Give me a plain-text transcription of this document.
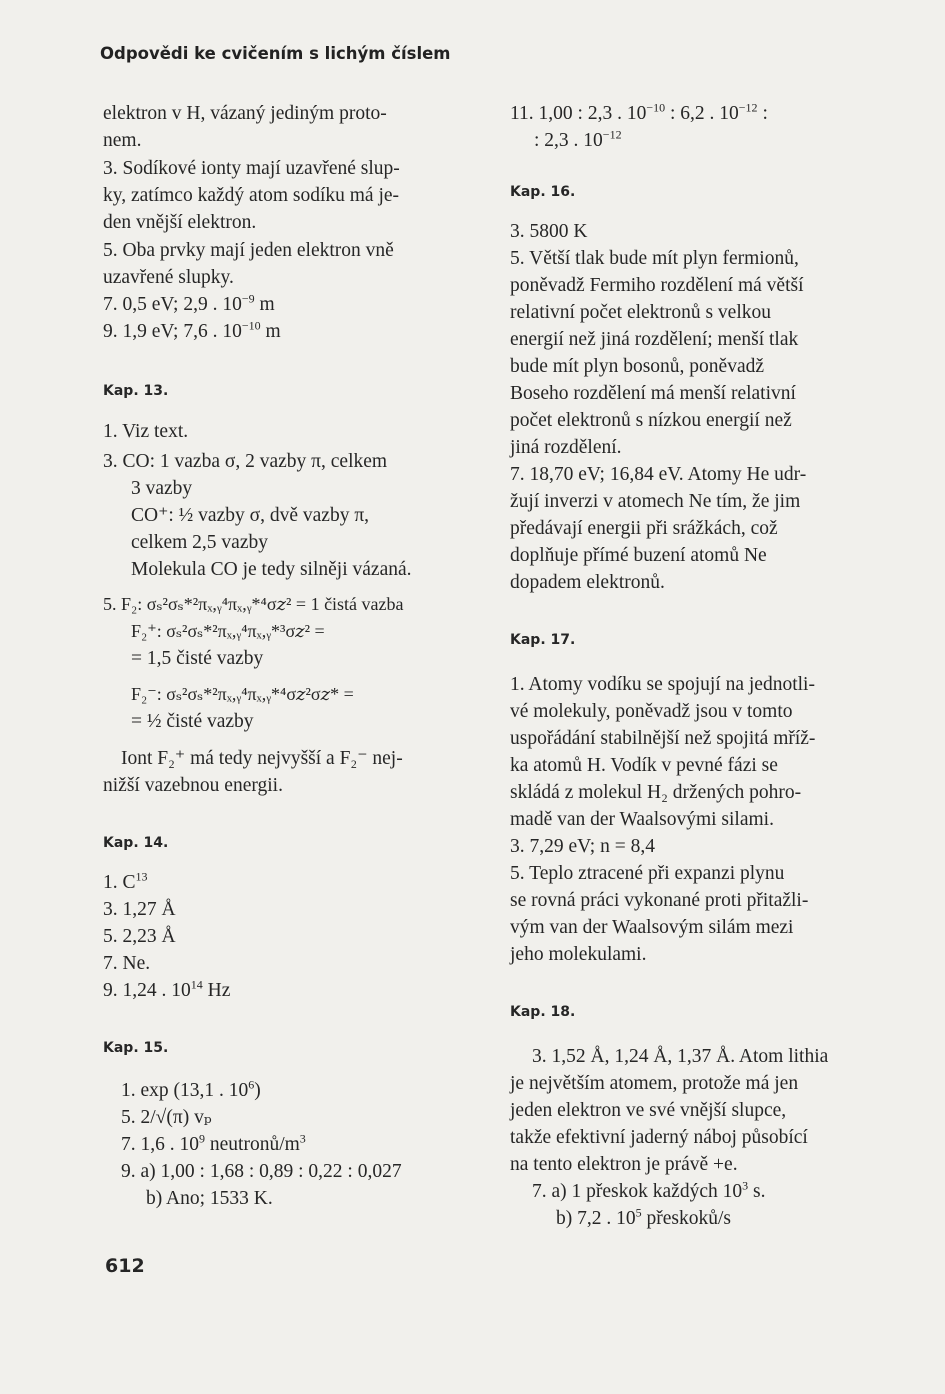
Odpovědi ke cvičením s lichým číslem

elektron v H, vázaný jediným proto-

nem.

3. Sodíkové ionty mají uzavřené slup-

ky, zatímco každý atom sodíku má je-

den vnější elektron.

5. Oba prvky mají jeden elektron vně

uzavřené slupky.

7. 0,5 eV; 2,9 . $10^{-9}$ m

9. 1,9 eV; 7,6 . $10^{-10}$ m

Kap. 13.

1. Viz text.

3. CO: 1 vazba σ, 2 vazby π, celkem

3 vazby

CO⁺: ½ vazby σ, dvě vazby π,

celkem 2,5 vazby

Molekula CO je tedy silněji vázaná.

5. F₂: σₛ²σₛ*²πₓ,ᵧ⁴πₓ,ᵧ*⁴σ𝑧² = 1 čistá vazba

F₂⁺: σₛ²σₛ*²πₓ,ᵧ⁴πₓ,ᵧ*³σ𝑧² =

= 1,5 čisté vazby

F₂⁻: σₛ²σₛ*²πₓ,ᵧ⁴πₓ,ᵧ*⁴σ𝑧²σ𝑧* =

= ½ čisté vazby

Iont F₂⁺ má tedy nejvyšší a F₂⁻ nej-

nižší vazebnou energii.

Kap. 14.

1. $C^{13}$

3. 1,27 Å

5. 2,23 Å

7. Ne.

9. 1,24 . $10^{14}$ Hz

Kap. 15.

1. exp (13,1 . $10^6$)

5. 2/√(π) vₚ

7. 1,6 . $10^9$ neutronů/$m^3$

9. a) 1,00 : 1,68 : 0,89 : 0,22 : 0,027

b) Ano; 1533 K.

11. 1,00 : 2,3 . $10^{-10}$ : 6,2 . $10^{-12}$ :

: 2,3 . $10^{-12}$

Kap. 16.

3. 5800 K

5. Větší tlak bude mít plyn fermionů,

poněvadž Fermiho rozdělení má větší

relativní počet elektronů s velkou

energií než jiná rozdělení; menší tlak

bude mít plyn bosonů, poněvadž

Boseho rozdělení má menší relativní

počet elektronů s nízkou energií než

jiná rozdělení.

7. 18,70 eV; 16,84 eV. Atomy He udr-

žují inverzi v atomech Ne tím, že jim

předávají energii při srážkách, což

doplňuje přímé buzení atomů Ne

dopadem elektronů.

Kap. 17.

1. Atomy vodíku se spojují na jednotli-

vé molekuly, poněvadž jsou v tomto

uspořádání stabilnější než spojitá mříž-

ka atomů H. Vodík v pevné fázi se

skládá z molekul H₂ držených pohro-

madě van der Waalsovými silami.

3. 7,29 eV; n = 8,4

5. Teplo ztracené při expanzi plynu

se rovná práci vykonané proti přitažli-

vým van der Waalsovým silám mezi

jeho molekulami.

Kap. 18.

3. 1,52 Å, 1,24 Å, 1,37 Å. Atom lithia

je největším atomem, protože má jen

jeden elektron ve své vnější slupce,

takže efektivní jaderný náboj působící

na tento elektron je právě +e.

7. a) 1 přeskok každých $10^3$ s.

b) 7,2 . $10^5$ přeskoků/s

612
